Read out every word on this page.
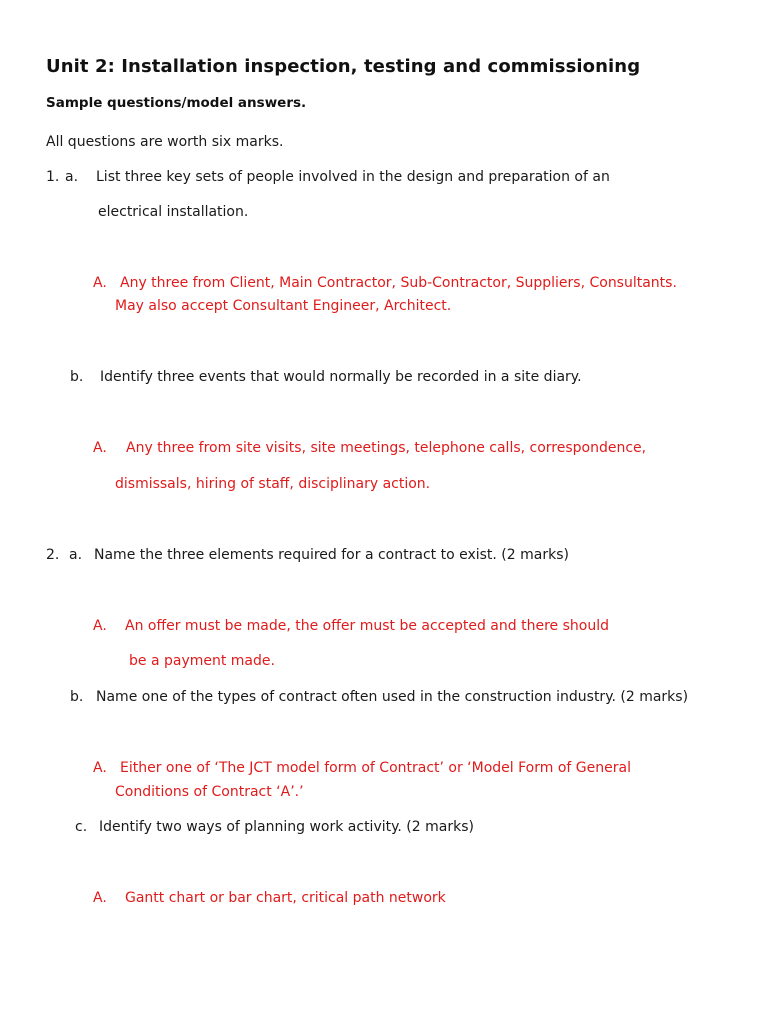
Unit 2: Installation inspection, testing and commissioning
Sample questions/model answers.
All questions are worth six marks.
1. a. List three key sets of people involved in the design and preparation of an
electrical installation.
A. Any three from Client, Main Contractor, Sub-Contractor, Suppliers, Consultants.
May also accept Consultant Engineer, Architect.
b. Identify three events that would normally be recorded in a site diary.
A. Any three from site visits, site meetings, telephone calls, correspondence,
dismissals, hiring of staff, disciplinary action.
2. a. Name the three elements required for a contract to exist. (2 marks)
A. An offer must be made, the offer must be accepted and there should
be a payment made.
b. Name one of the types of contract often used in the construction industry. (2 marks)
A. Either one of ‘The JCT model form of Contract’ or ‘Model Form of General
Conditions of Contract ‘A’.’
c. Identify two ways of planning work activity. (2 marks)
A. Gantt chart or bar chart, critical path network
